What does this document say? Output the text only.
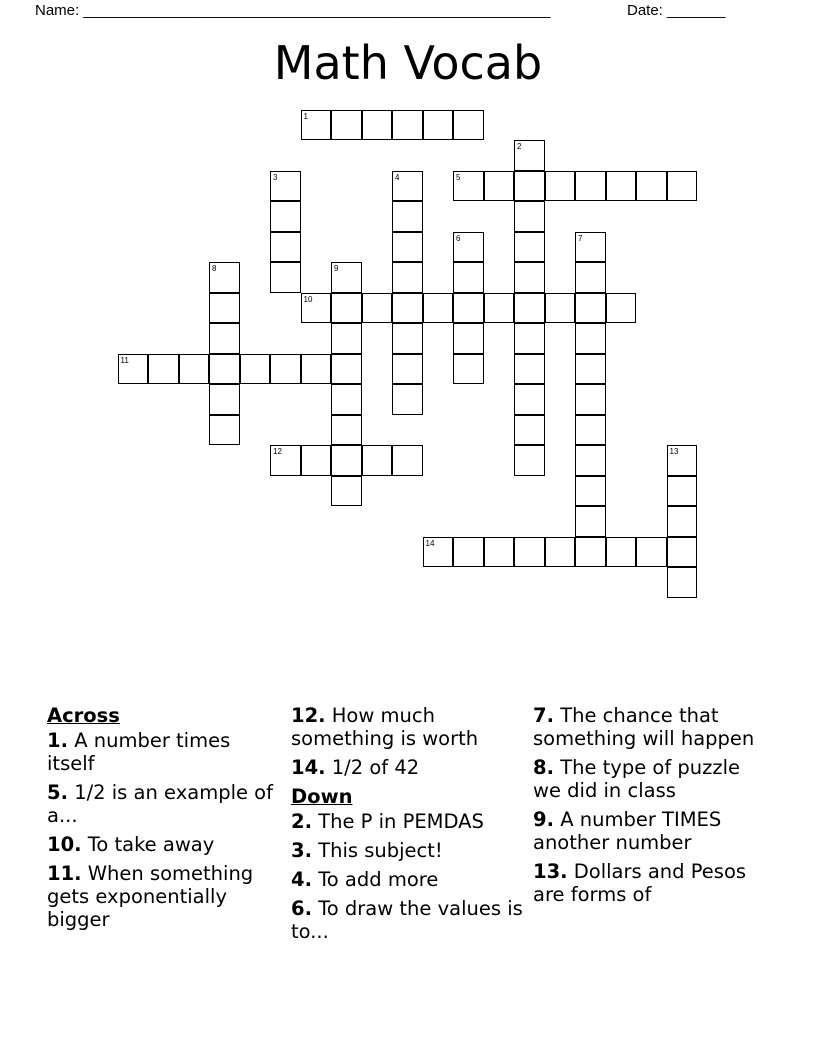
Name: ________________________________________________________	Date: _______
Math Vocab
1
2
3	4	5
6	7
8	9
10
11
12	13
14
Across
1. A number times itself
5. 1/2 is an example of a...
10. To take away
11. When something gets exponentially bigger
12. How much something is worth
14. 1/2 of 42
Down
2. The P in PEMDAS
3. This subject!
4. To add more
6. To draw the values is to...
7. The chance that something will happen
8. The type of puzzle we did in class
9. A number TIMES another number
13. Dollars and Pesos are forms of
